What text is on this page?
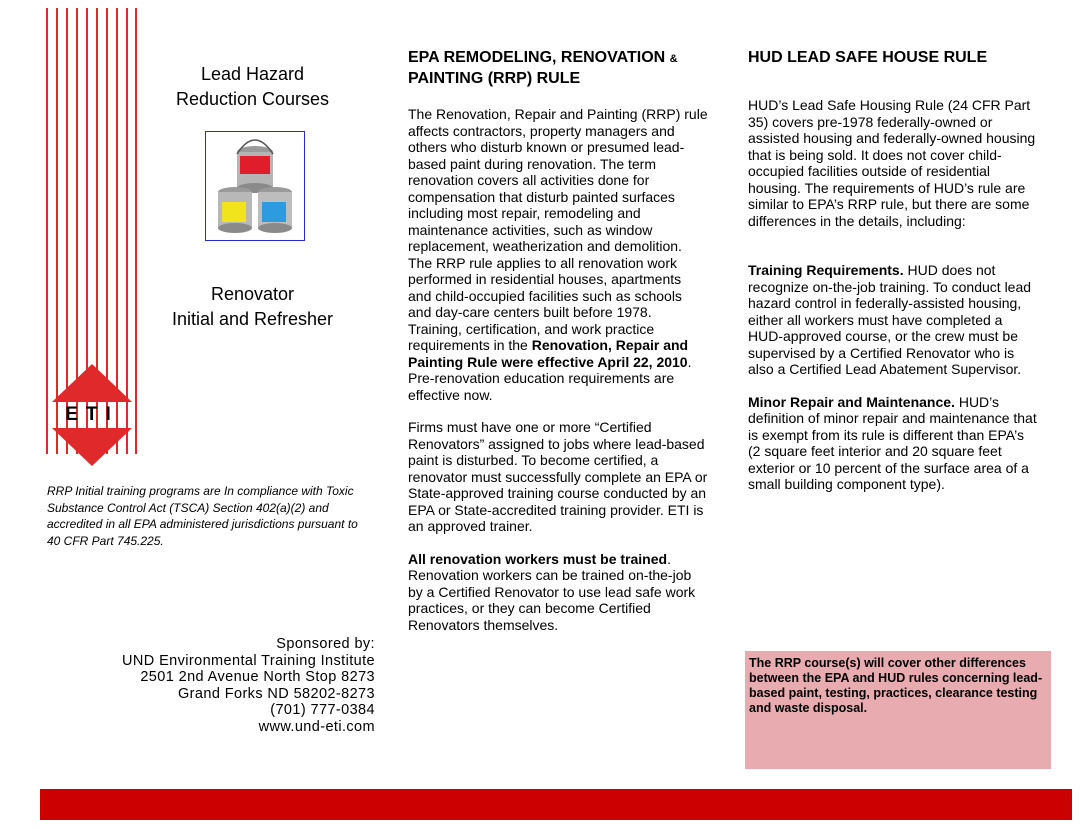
Lead Hazard
Reduction Courses
Renovator
Initial and Refresher
ETI
RRP Initial training programs are In compliance with Toxic Substance Control Act (TSCA) Section 402(a)(2) and accredited in all EPA administered jurisdictions pursuant to 40 CFR Part 745.225.
Sponsored by:
UND Environmental Training Institute
2501 2nd Avenue North Stop 8273
Grand Forks ND 58202-8273
(701) 777-0384
www.und-eti.com
EPA REMODELING, RENOVATION &
PAINTING (RRP) RULE

The Renovation, Repair and Painting (RRP) rule affects contractors, property managers and others who disturb known or presumed lead-based paint during renovation. The term renovation covers all activities done for compensation that disturb painted surfaces including most repair, remodeling and maintenance activities, such as window replacement, weatherization and demolition. The RRP rule applies to all renovation work performed in residential houses, apartments and child-occupied facilities such as schools and day-care centers built before 1978. Training, certification, and work practice requirements in the Renovation, Repair and Painting Rule were effective April 22, 2010. Pre-renovation education requirements are effective now.

Firms must have one or more “Certified Renovators” assigned to jobs where lead-based paint is disturbed. To become certified, a renovator must successfully complete an EPA or State-approved training course conducted by an EPA or State-accredited training provider. ETI is an approved trainer.

All renovation workers must be trained. Renovation workers can be trained on-the-job by a Certified Renovator to use lead safe work practices, or they can become Certified Renovators themselves.

HUD LEAD SAFE HOUSE RULE

HUD’s Lead Safe Housing Rule (24 CFR Part 35) covers pre-1978 federally-owned or assisted housing and federally-owned housing that is being sold. It does not cover child-occupied facilities outside of residential housing. The requirements of HUD’s rule are similar to EPA’s RRP rule, but there are some differences in the details, including:

Training Requirements. HUD does not recognize on-the-job training. To conduct lead hazard control in federally-assisted housing, either all workers must have completed a HUD-approved course, or the crew must be supervised by a Certified Renovator who is also a Certified Lead Abatement Supervisor.

Minor Repair and Maintenance. HUD’s definition of minor repair and maintenance that is exempt from its rule is different than EPA’s (2 square feet interior and 20 square feet exterior or 10 percent of the surface area of a small building component type).

The RRP course(s) will cover other differences between the EPA and HUD rules concerning lead-based paint, testing, practices, clearance testing and waste disposal.
